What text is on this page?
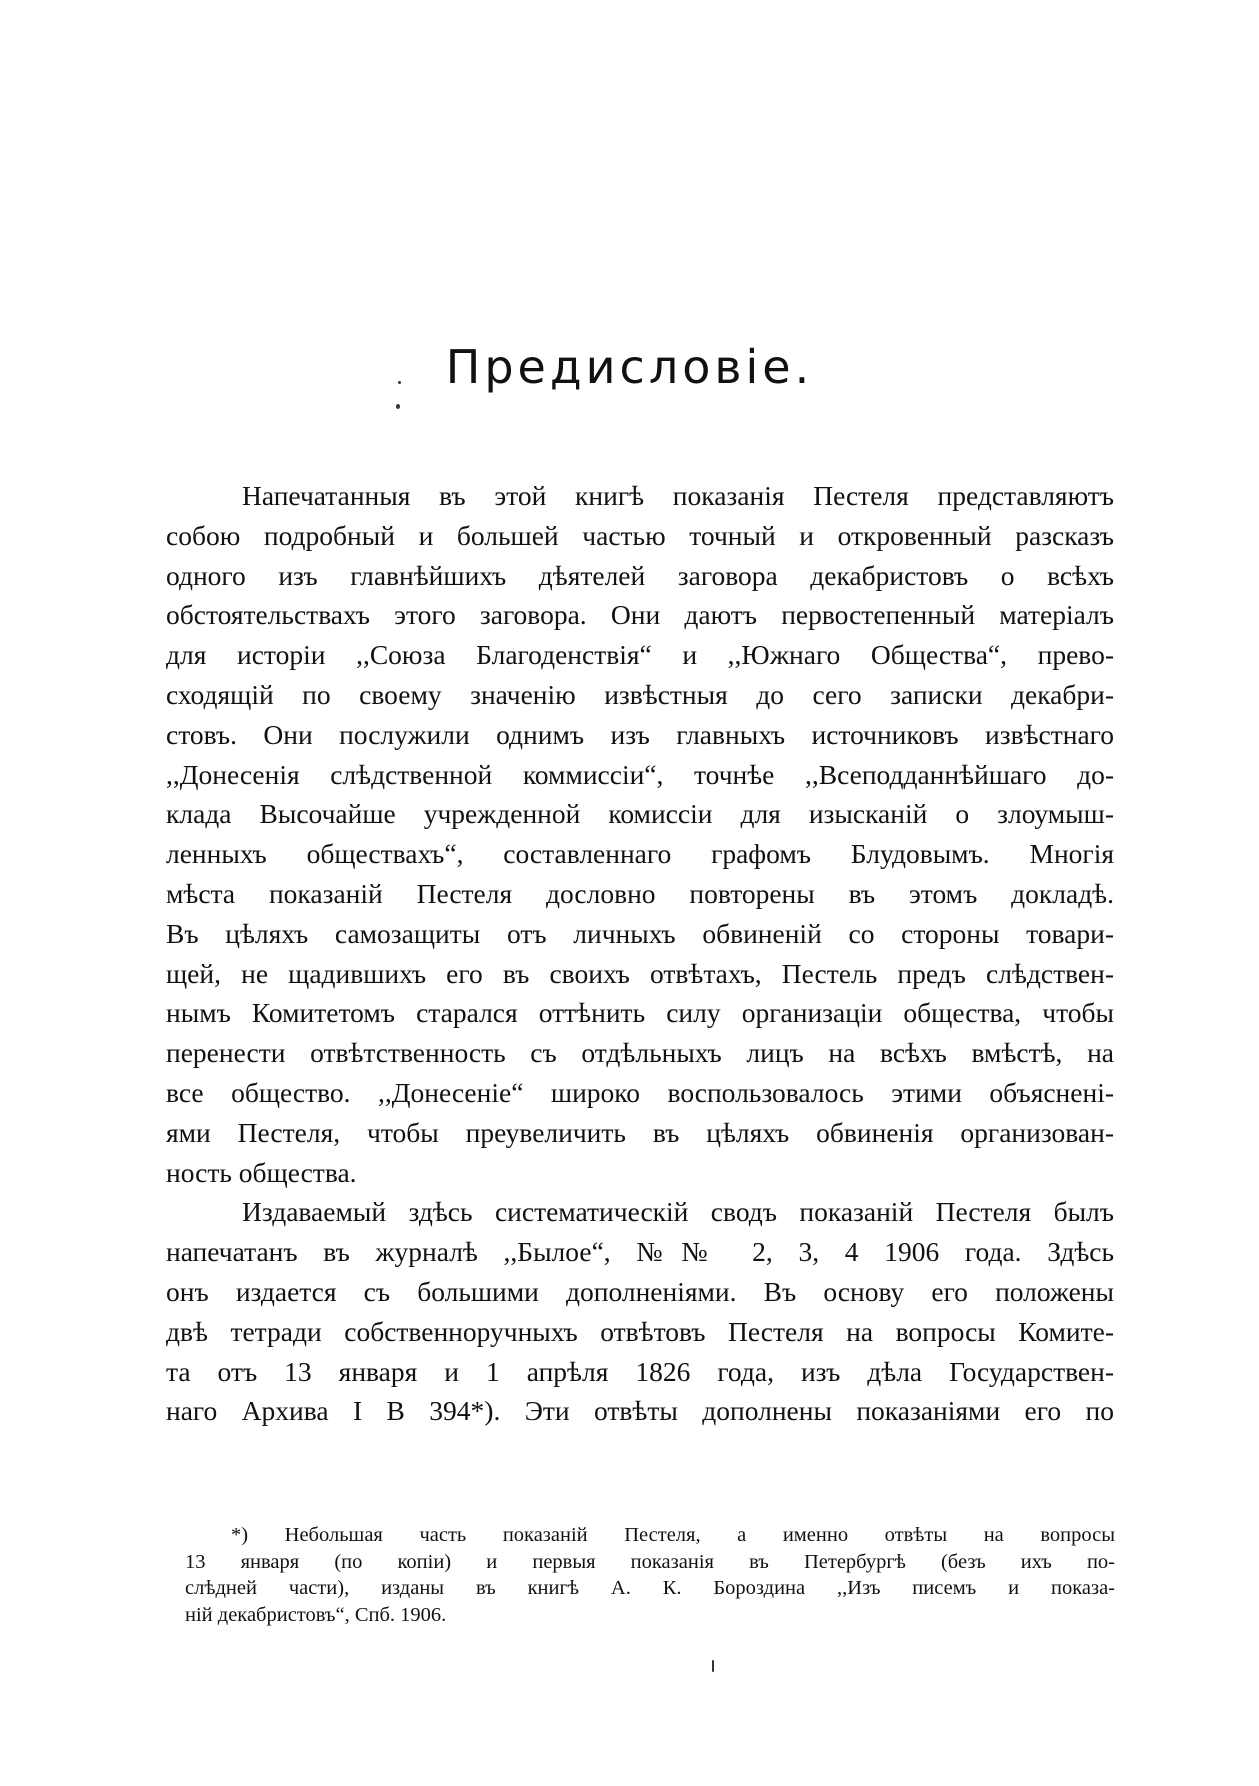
Предисловіе.

Напечатанныя въ этой книгѣ показанія Пестеля представляютъ
собою подробный и большей частью точный и откровенный разсказъ
одного изъ главнѣйшихъ дѣятелей заговора декабристовъ о всѣхъ
обстоятельствахъ этого заговора. Они даютъ первостепенный матеріалъ
для исторіи ,,Союза Благоденствія“ и ,,Южнаго Общества“, прево-
сходящій по своему значенію извѣстныя до сего записки декабри-
стовъ. Они послужили однимъ изъ главныхъ источниковъ извѣстнаго
,,Донесенія слѣдственной коммиссіи“, точнѣе ,,Всеподданнѣйшаго до-
клада Высочайше учрежденной комиссіи для изысканій о злоумыш-
ленныхъ обществахъ“, составленнаго графомъ Блудовымъ. Многія
мѣста показаній Пестеля дословно повторены въ этомъ докладѣ.
Въ цѣляхъ самозащиты отъ личныхъ обвиненій со стороны товари-
щей, не щадившихъ его въ своихъ отвѣтахъ, Пестель предъ слѣдствен-
нымъ Комитетомъ старался оттѣнить силу организаціи общества, чтобы
перенести отвѣтственность съ отдѣльныхъ лицъ на всѣхъ вмѣстѣ, на
все общество. ,,Донесеніе“ широко воспользовалось этими объясненi-
ями Пестеля, чтобы преувеличить въ цѣляхъ обвиненія организован-
ность общества.

Издаваемый здѣсь систематическій сводъ показаній Пестеля былъ
напечатанъ въ журналѣ ,,Былое“, №№ 2, 3, 4 1906 года. Здѣсь
онъ издается съ большими дополненіями. Въ основу его положены
двѣ тетради собственноручныхъ отвѣтовъ Пестеля на вопросы Комите-
та отъ 13 января и 1 апрѣля 1826 года, изъ дѣла Государствен-
наго Архива I В 394*). Эти отвѣты дополнены показаніями его по

*) Небольшая часть показаній Пестеля, а именно отвѣты на вопросы
13 января (по копіи) и первыя показанія въ Петербургѣ (безъ ихъ по-
слѣдней части), изданы въ книгѣ А. К. Бороздина ,,Изъ писемъ и показа-
ній декабристовъ“, Спб. 1906.
